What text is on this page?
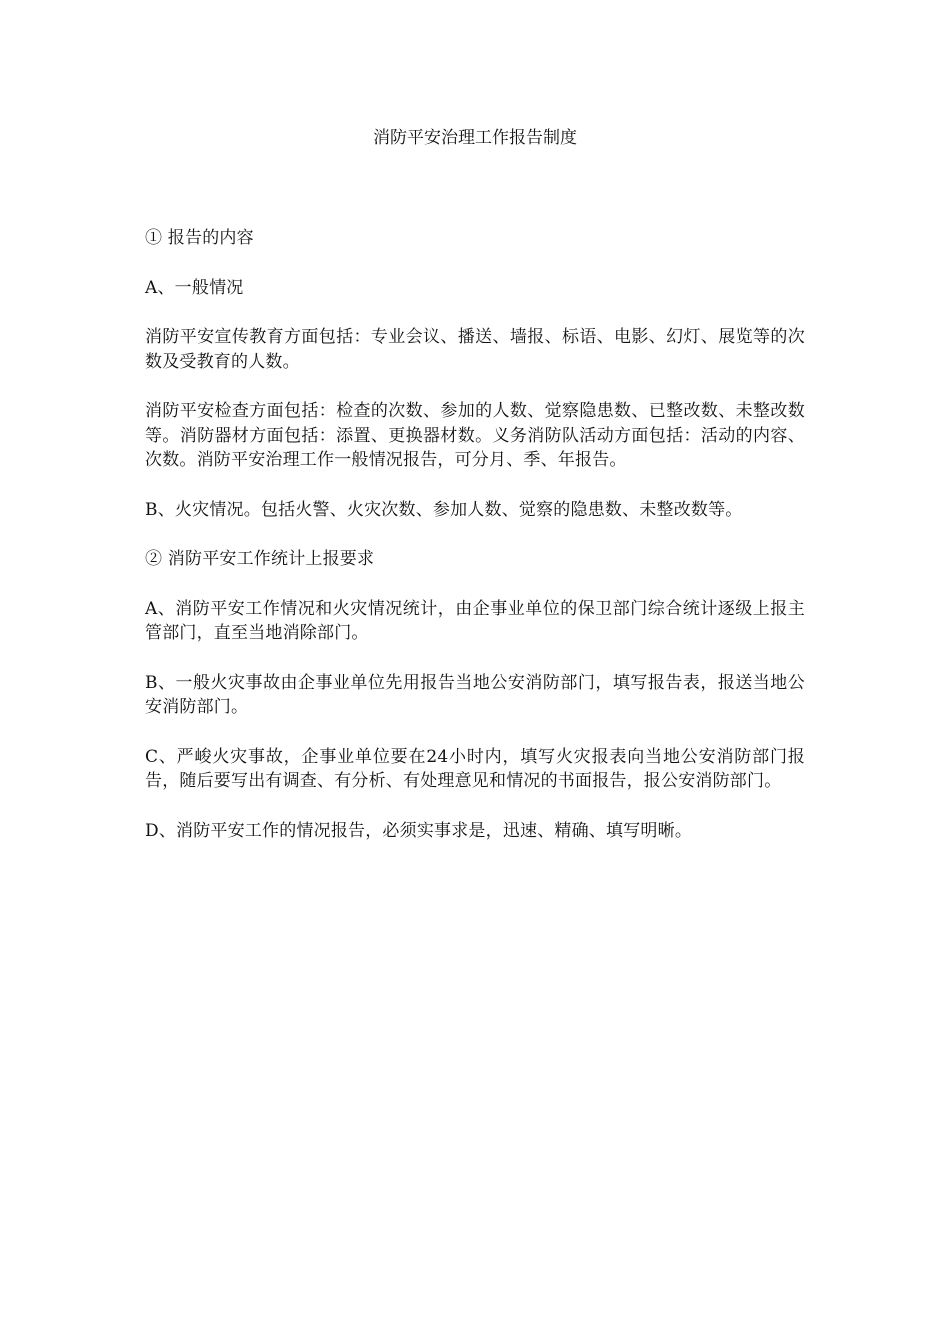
消防平安治理工作报告制度

① 报告的内容

A、一般情况

消防平安宣传教育方面包括：专业会议、播送、墙报、标语、电影、幻灯、展览等的次数及受教育的人数。

消防平安检查方面包括：检查的次数、参加的人数、觉察隐患数、已整改数、未整改数等。消防器材方面包括：添置、更换器材数。义务消防队活动方面包括：活动的内容、次数。消防平安治理工作一般情况报告，可分月、季、年报告。

B、火灾情况。包括火警、火灾次数、参加人数、觉察的隐患数、未整改数等。

② 消防平安工作统计上报要求

A、消防平安工作情况和火灾情况统计，由企事业单位的保卫部门综合统计逐级上报主管部门，直至当地消除部门。

B、一般火灾事故由企事业单位先用报告当地公安消防部门，填写报告表，报送当地公安消防部门。

C、严峻火灾事故，企事业单位要在24小时内，填写火灾报表向当地公安消防部门报告，随后要写出有调查、有分析、有处理意见和情况的书面报告，报公安消防部门。

D、消防平安工作的情况报告，必须实事求是，迅速、精确、填写明晰。
